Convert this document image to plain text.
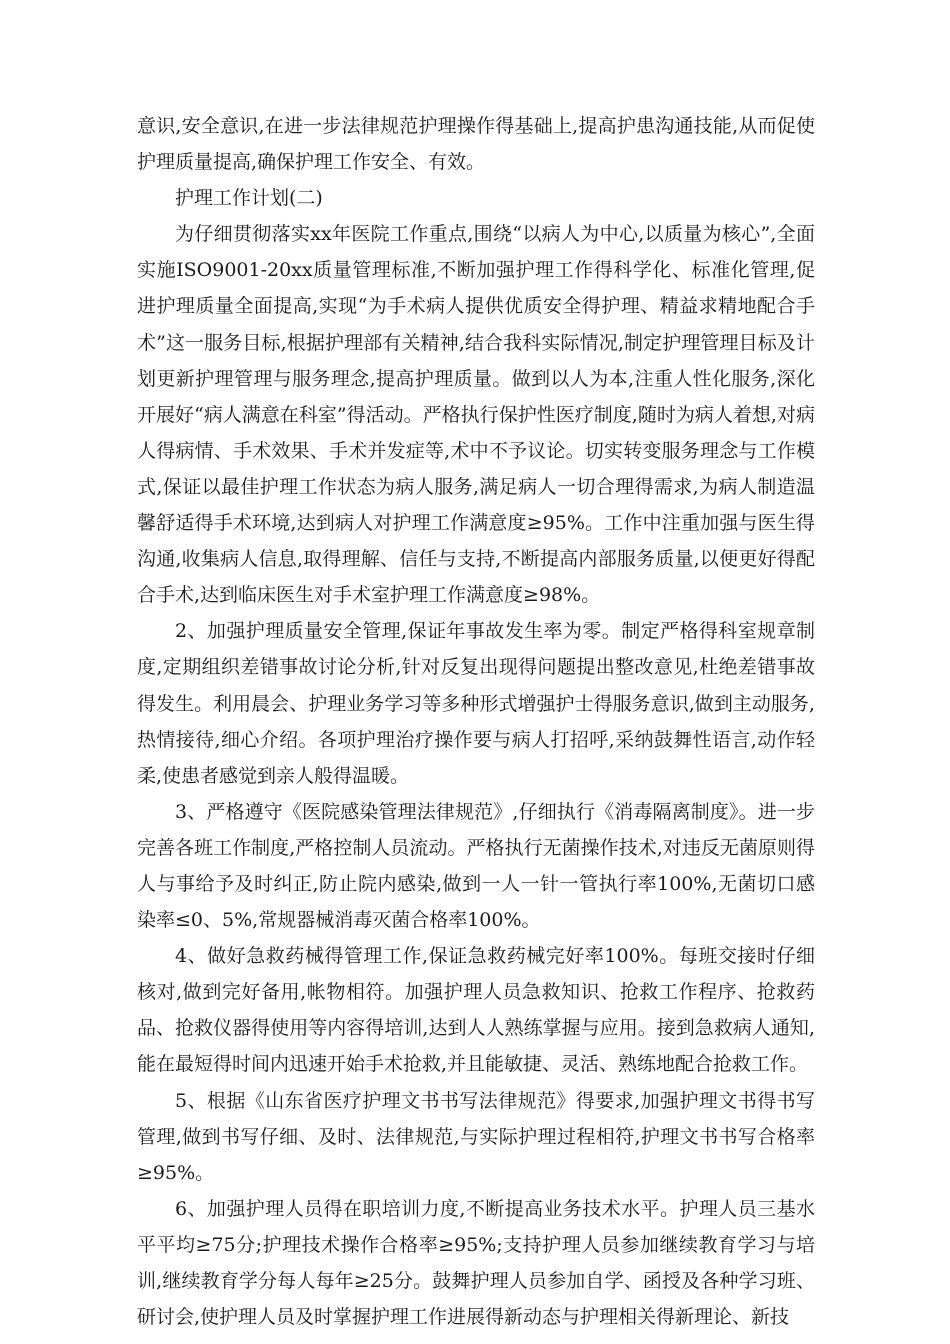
意识,安全意识,在进一步法律规范护理操作得基础上,提高护患沟通技能,从而促使护理质量提高,确保护理工作安全、有效。

护理工作计划(二)

为仔细贯彻落实xx年医院工作重点,围绕“以病人为中心,以质量为核心”,全面实施ISO9001-20xx质量管理标准,不断加强护理工作得科学化、标准化管理,促进护理质量全面提高,实现“为手术病人提供优质安全得护理、精益求精地配合手术”这一服务目标,根据护理部有关精神,结合我科实际情况,制定护理管理目标及计划更新护理管理与服务理念,提高护理质量。做到以人为本,注重人性化服务,深化开展好“病人满意在科室”得活动。严格执行保护性医疗制度,随时为病人着想,对病人得病情、手术效果、手术并发症等,术中不予议论。切实转变服务理念与工作模式,保证以最佳护理工作状态为病人服务,满足病人一切合理得需求,为病人制造温馨舒适得手术环境,达到病人对护理工作满意度≥95%。工作中注重加强与医生得沟通,收集病人信息,取得理解、信任与支持,不断提高内部服务质量,以便更好得配合手术,达到临床医生对手术室护理工作满意度≥98%。

2、加强护理质量安全管理,保证年事故发生率为零。制定严格得科室规章制度,定期组织差错事故讨论分析,针对反复出现得问题提出整改意见,杜绝差错事故得发生。利用晨会、护理业务学习等多种形式增强护士得服务意识,做到主动服务,热情接待,细心介绍。各项护理治疗操作要与病人打招呼,采纳鼓舞性语言,动作轻柔,使患者感觉到亲人般得温暖。

3、严格遵守《医院感染管理法律规范》,仔细执行《消毒隔离制度》。进一步完善各班工作制度,严格控制人员流动。严格执行无菌操作技术,对违反无菌原则得人与事给予及时纠正,防止院内感染,做到一人一针一管执行率100%,无菌切口感染率≤0、5%,常规器械消毒灭菌合格率100%。

4、做好急救药械得管理工作,保证急救药械完好率100%。每班交接时仔细核对,做到完好备用,帐物相符。加强护理人员急救知识、抢救工作程序、抢救药品、抢救仪器得使用等内容得培训,达到人人熟练掌握与应用。接到急救病人通知,能在最短得时间内迅速开始手术抢救,并且能敏捷、灵活、熟练地配合抢救工作。

5、根据《山东省医疗护理文书书写法律规范》得要求,加强护理文书得书写管理,做到书写仔细、及时、法律规范,与实际护理过程相符,护理文书书写合格率≥95%。

6、加强护理人员得在职培训力度,不断提高业务技术水平。护理人员三基水平平均≥75分;护理技术操作合格率≥95%;支持护理人员参加继续教育学习与培训,继续教育学分每人每年≥25分。鼓舞护理人员参加自学、函授及各种学习班、研讨会,使护理人员及时掌握护理工作进展得新动态与护理相关得新理论、新技
